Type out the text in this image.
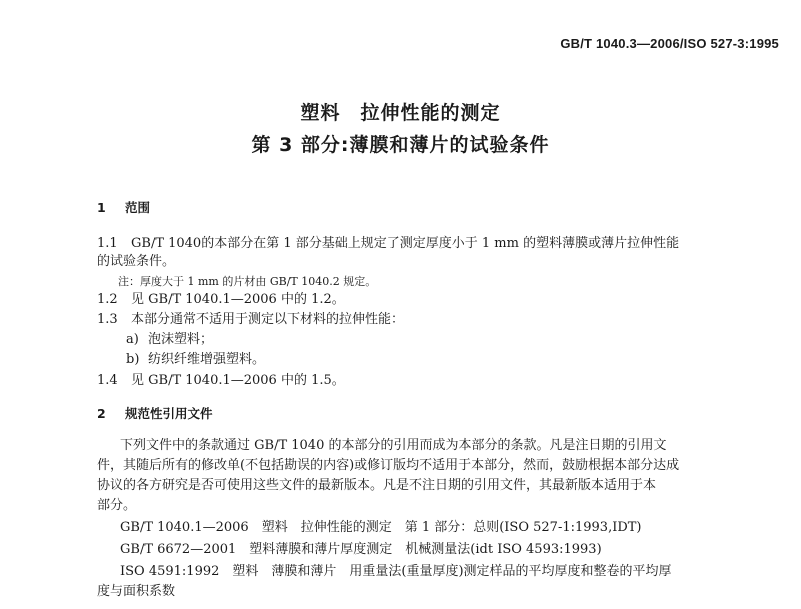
GB/T 1040.3—2006/ISO 527-3:1995
塑料　拉伸性能的测定
第 3 部分:薄膜和薄片的试验条件
1 范围
1.1 GB/T 1040的本部分在第 1 部分基础上规定了测定厚度小于 1 mm 的塑料薄膜或薄片拉伸性能
的试验条件。
注：厚度大于 1 mm 的片材由 GB/T 1040.2 规定。
1.2 见 GB/T 1040.1—2006 中的 1.2。
1.3 本部分通常不适用于测定以下材料的拉伸性能：
a) 泡沫塑料；
b) 纺织纤维增强塑料。
1.4 见 GB/T 1040.1—2006 中的 1.5。
2 规范性引用文件
下列文件中的条款通过 GB/T 1040 的本部分的引用而成为本部分的条款。凡是注日期的引用文
件，其随后所有的修改单(不包括勘误的内容)或修订版均不适用于本部分，然而，鼓励根据本部分达成
协议的各方研究是否可使用这些文件的最新版本。凡是不注日期的引用文件，其最新版本适用于本
部分。
GB/T 1040.1—2006　塑料　拉伸性能的测定　第 1 部分：总则(ISO 527-1:1993,IDT)
GB/T 6672—2001　塑料薄膜和薄片厚度测定　机械测量法(idt ISO 4593:1993)
ISO 4591:1992　塑料　薄膜和薄片　用重量法(重量厚度)测定样品的平均厚度和整卷的平均厚
度与面积系数
